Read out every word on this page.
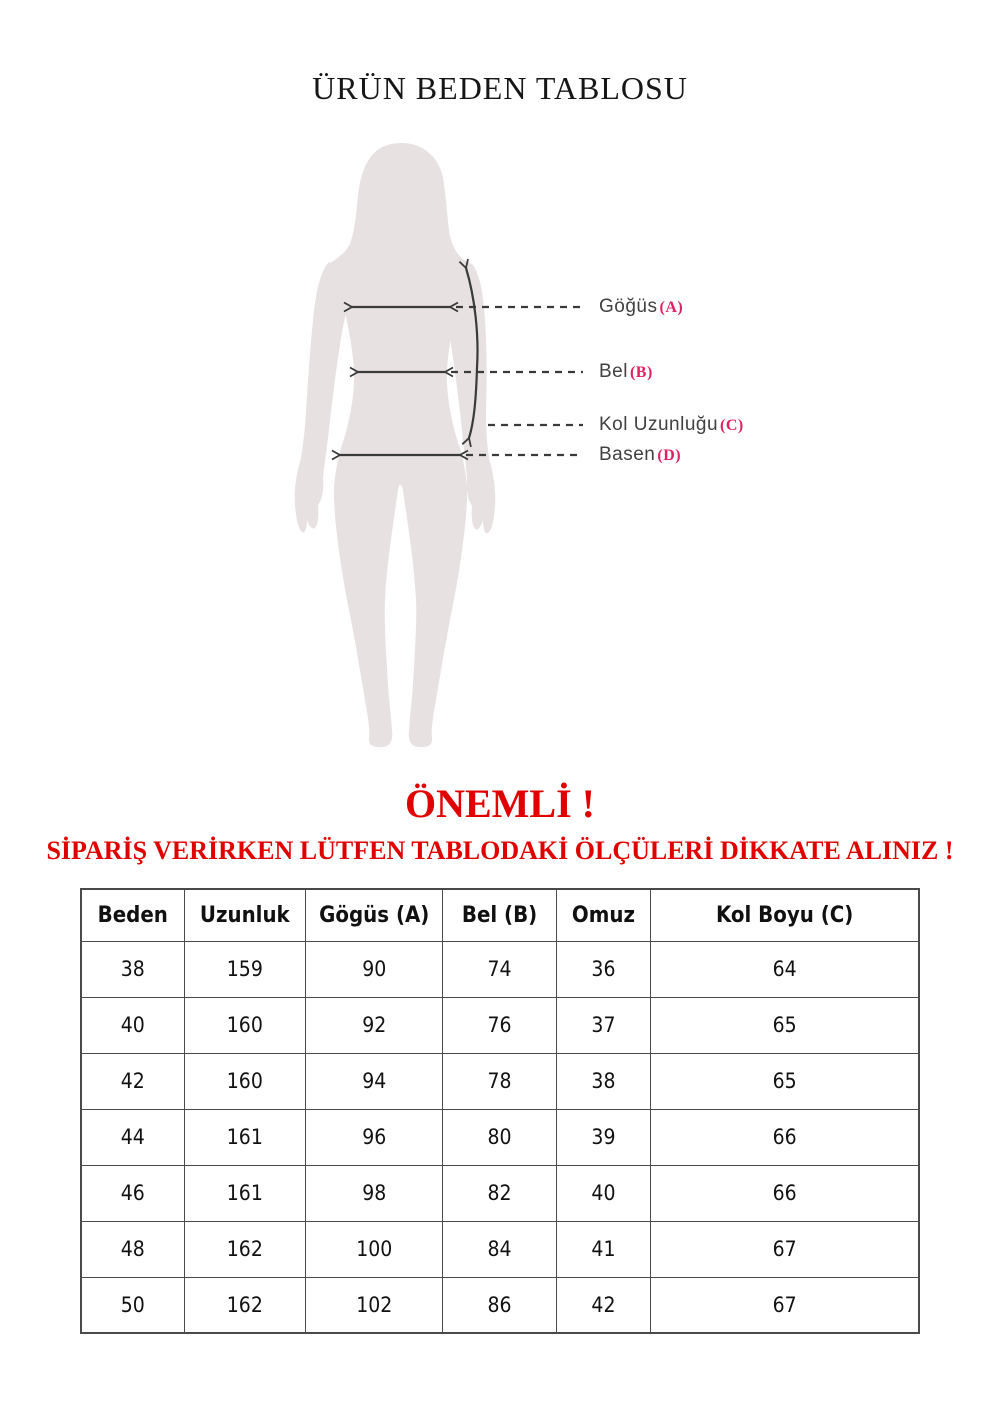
ÜRÜN BEDEN TABLOSU
Göğüs (A)
Bel (B)
Kol Uzunluğu (C)
Basen (D)

ÖNEMLİ !

SİPARİŞ VERİRKEN LÜTFEN TABLODAKİ ÖLÇÜLERİ DİKKATE ALINIZ !

Beden	Uzunluk	Gögüs (A)	Bel (B)	Omuz	Kol Boyu (C)
38	159	90	74	36	64
40	160	92	76	37	65
42	160	94	78	38	65
44	161	96	80	39	66
46	161	98	82	40	66
48	162	100	84	41	67
50	162	102	86	42	67
